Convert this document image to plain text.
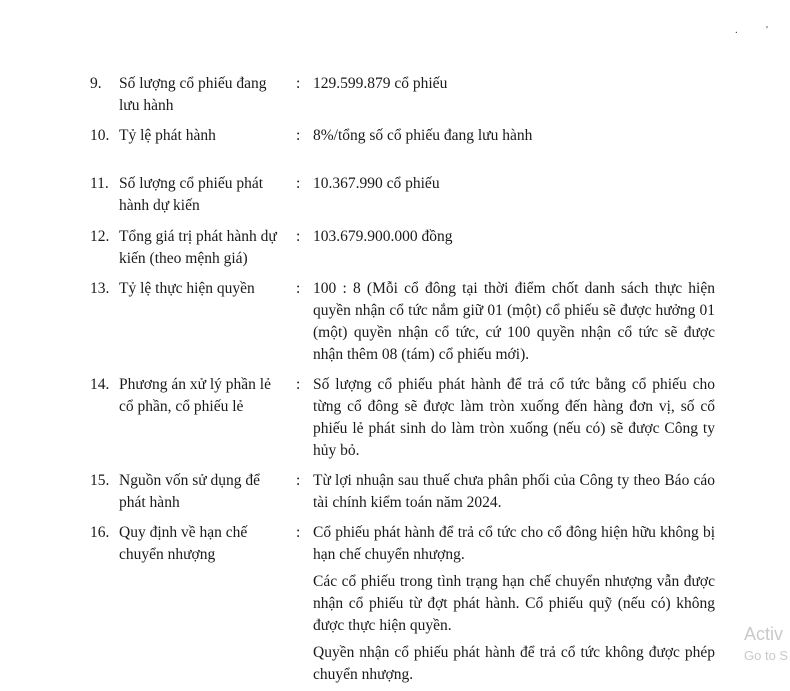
.	'
9. Số lượng cổ phiếu đang lưu hành
: 129.599.879 cổ phiếu

10. Tỷ lệ phát hành	: 8%/tổng số cổ phiếu đang lưu hành

11. Số lượng cổ phiếu phát hành dự kiến
: 10.367.990 cổ phiếu

12. Tổng giá trị phát hành dự kiến (theo mệnh giá)
: 103.679.900.000 đồng

13. Tỷ lệ thực hiện quyền	: 100 : 8 (Mỗi cổ đông tại thời điểm chốt danh sách thực hiện quyền nhận cổ tức nắm giữ 01 (một) cổ phiếu sẽ được hưởng 01 (một) quyền nhận cổ tức, cứ 100 quyền nhận cổ tức sẽ được nhận thêm 08 (tám) cổ phiếu mới).

14. Phương án xử lý phần lẻ cổ phần, cổ phiếu lẻ
: Số lượng cổ phiếu phát hành để trả cổ tức bằng cổ phiếu cho từng cổ đông sẽ được làm tròn xuống đến hàng đơn vị, số cổ phiếu lẻ phát sinh do làm tròn xuống (nếu có) sẽ được Công ty hủy bỏ.

15. Nguồn vốn sử dụng để phát hành
: Từ lợi nhuận sau thuế chưa phân phối của Công ty theo Báo cáo tài chính kiểm toán năm 2024.

16. Quy định về hạn chế chuyển nhượng
: Cổ phiếu phát hành để trả cổ tức cho cổ đông hiện hữu không bị hạn chế chuyển nhượng.

Các cổ phiếu trong tình trạng hạn chế chuyển nhượng vẫn được nhận cổ phiếu từ đợt phát hành. Cổ phiếu quỹ (nếu có) không được thực hiện quyền.

Quyền nhận cổ phiếu phát hành để trả cổ tức không được phép chuyển nhượng.

Activ
Go to S
